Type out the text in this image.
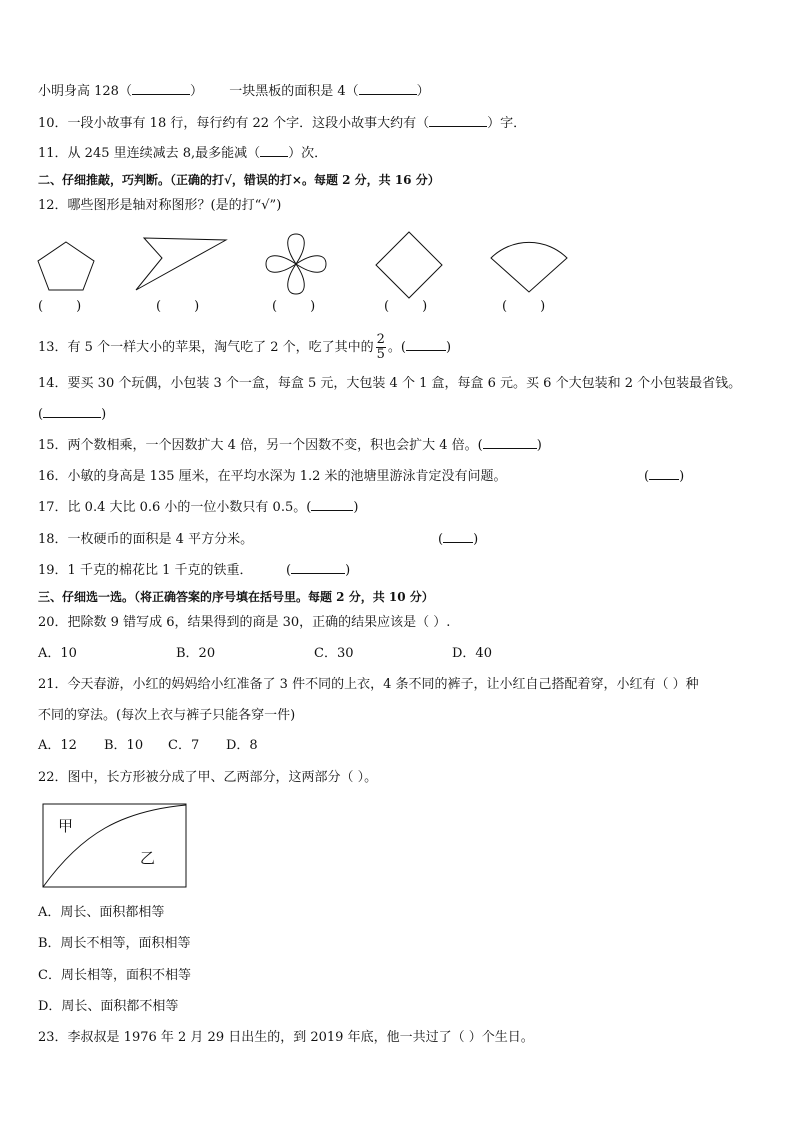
小明身高 128（	） 一块黑板的面积是 4（	）
10．一段小故事有 18 行，每行约有 22 个字．这段小故事大约有（	）字．
11．从 245 里连续减去 8,最多能减（ ）次．
二、仔细推敲，巧判断。（正确的打√，错误的打×。每题 2 分，共 16 分）
12．哪些图形是轴对称图形？(是的打“√”)
(        )	(        )	(        )	(        )	(        )
13．有 5 个一样大小的苹果，淘气吃了 2 个，吃了其中的 $\frac{2}{5}$ 。(	)
14．要买 30 个玩偶，小包装 3 个一盒，每盒 5 元，大包装 4 个 1 盒，每盒 6 元。买 6 个大包装和 2 个小包装最省钱。
(	)
15．两个数相乘，一个因数扩大 4 倍，另一个因数不变，积也会扩大 4 倍。(	)
16．小敏的身高是 135 厘米，在平均水深为 1.2 米的池塘里游泳肯定没有问题。	( )
17．比 0.4 大比 0.6 小的一位小数只有 0.5。(	)
18．一枚硬币的面积是 4 平方分米。	( )
19．1 千克的棉花比 1 千克的铁重．	(	)
三、仔细选一选。（将正确答案的序号填在括号里。每题 2 分，共 10 分）
20．把除数 9 错写成 6，结果得到的商是 30，正确的结果应该是（ ）.
A．10	B．20	C．30	D．40
21．今天春游，小红的妈妈给小红准备了 3 件不同的上衣，4 条不同的裤子，让小红自己搭配着穿，小红有（ ）种
不同的穿法。(每次上衣与裤子只能各穿一件)
A．12 B．10 C．7 D．8
22．图中，长方形被分成了甲、乙两部分，这两部分（ ）。
甲
乙
A．周长、面积都相等
B．周长不相等，面积相等
C．周长相等，面积不相等
D．周长、面积都不相等
23．李叔叔是 1976 年 2 月 29 日出生的，到 2019 年底，他一共过了（ ）个生日。
